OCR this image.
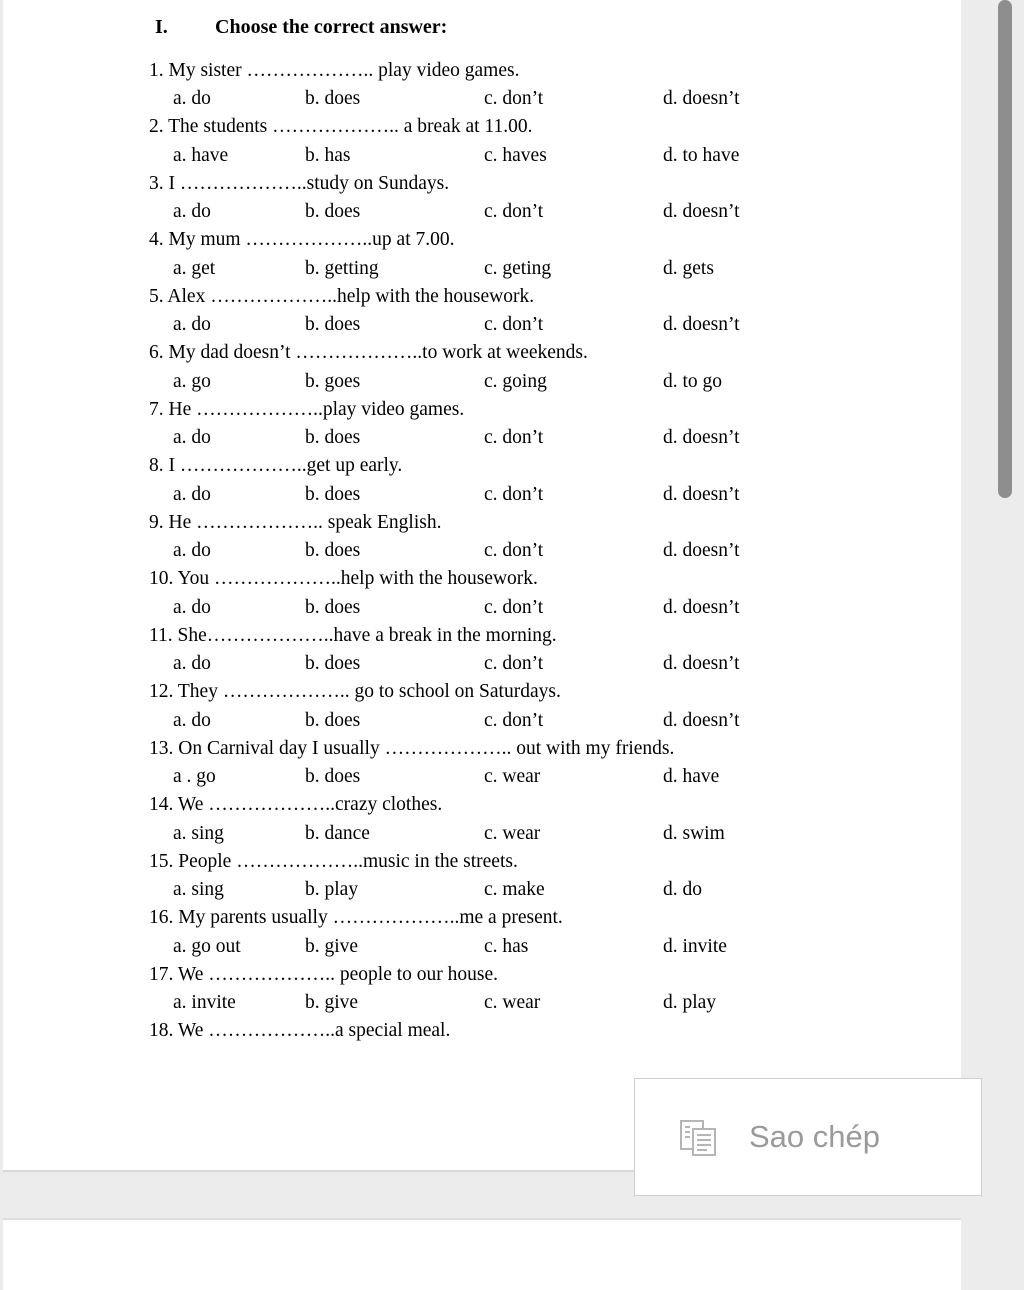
I. Choose the correct answer:
1. My sister ……………….. play video games.
a. do	b. does	c. don’t	d. doesn’t
2. The students ……………….. a break at 11.00.
a. have	b. has	c. haves	d. to have
3. I ………………..study on Sundays.
a. do	b. does	c. don’t	d. doesn’t
4. My mum ………………..up at 7.00.
a. get	b. getting	c. geting	d. gets
5. Alex ………………..help with the housework.
a. do	b. does	c. don’t	d. doesn’t
6. My dad doesn’t ………………..to work at weekends.
a. go	b. goes	c. going	d. to go
7. He ………………..play video games.
a. do	b. does	c. don’t	d. doesn’t
8. I ………………..get up early.
a. do	b. does	c. don’t	d. doesn’t
9. He ……………….. speak English.
a. do	b. does	c. don’t	d. doesn’t
10. You ………………..help with the housework.
a. do	b. does	c. don’t	d. doesn’t
11. She………………..have a break in the morning.
a. do	b. does	c. don’t	d. doesn’t
12. They ……………….. go to school on Saturdays.
a. do	b. does	c. don’t	d. doesn’t
13. On Carnival day I usually ……………….. out with my friends.
a . go	b. does	c. wear	d. have
14. We ………………..crazy clothes.
a. sing	b. dance	c. wear	d. swim
15. People ………………..music in the streets.
a. sing	b. play	c. make	d. do
16. My parents usually ………………..me a present.
a. go out	b. give	c. has	d. invite
17. We ……………….. people to our house.
a. invite	b. give	c. wear	d. play
18. We ………………..a special meal.
Sao chép
